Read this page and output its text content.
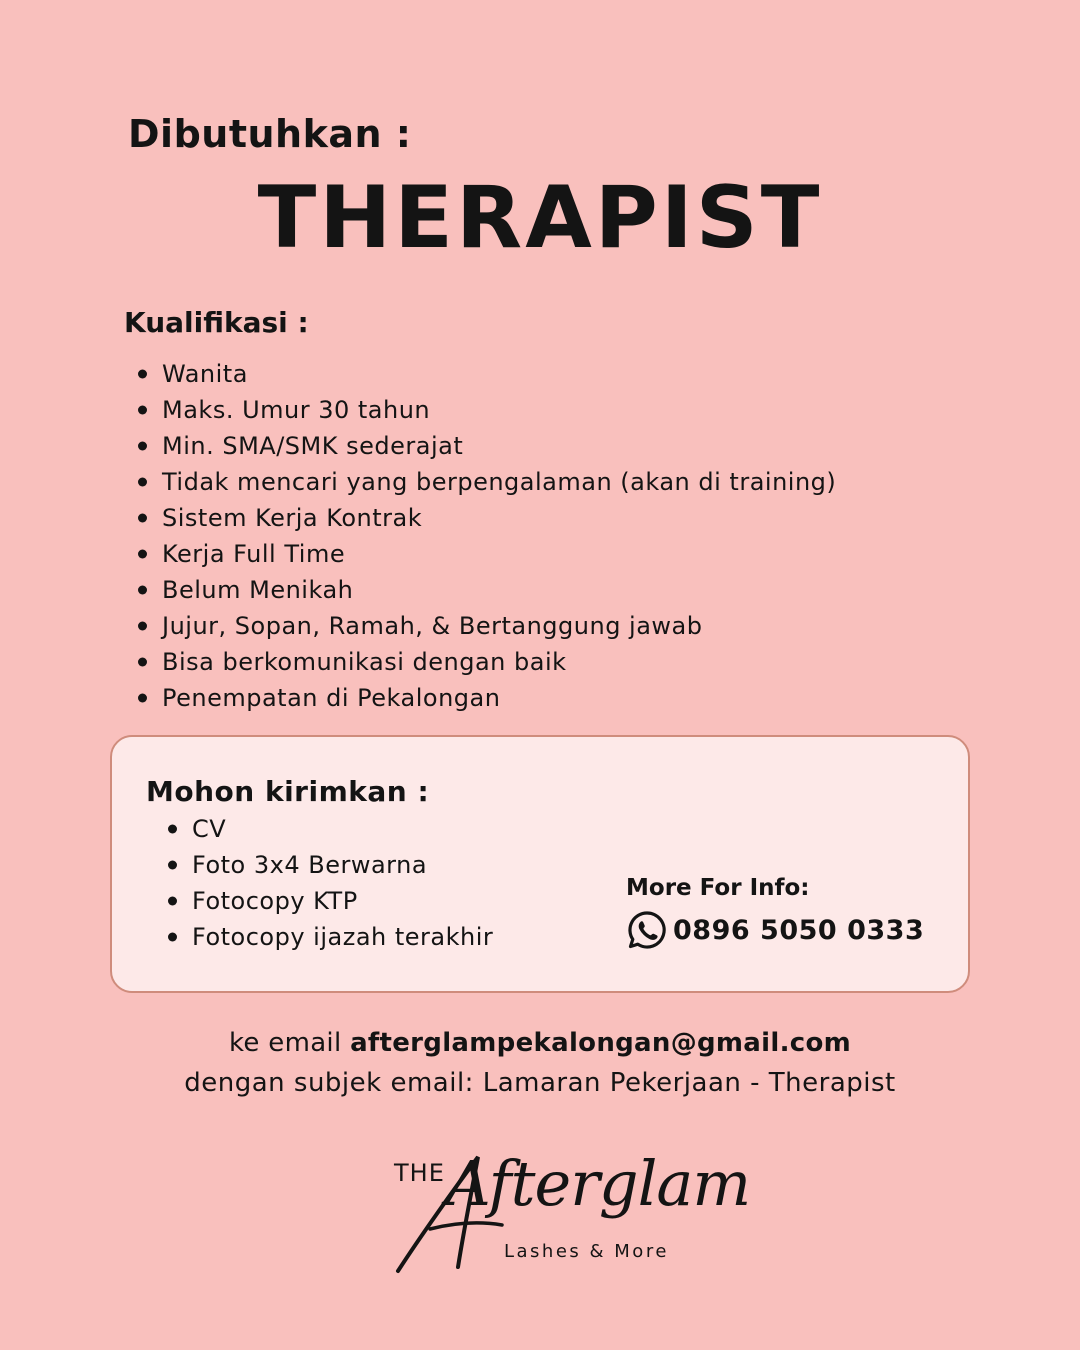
Dibutuhkan :
THERAPIST
Kualifikasi :
Wanita
Maks. Umur 30 tahun
Min. SMA/SMK sederajat
Tidak mencari yang berpengalaman (akan di training)
Sistem Kerja Kontrak
Kerja Full Time
Belum Menikah
Jujur, Sopan, Ramah, & Bertanggung jawab
Bisa berkomunikasi dengan baik
Penempatan di Pekalongan
Mohon kirimkan :
CV
Foto 3x4 Berwarna
Fotocopy KTP
Fotocopy ijazah terakhir
More For Info:
0896 5050 0333
ke email afterglampekalongan@gmail.com
dengan subjek email: Lamaran Pekerjaan - Therapist
THE Afterglam
Lashes & More
